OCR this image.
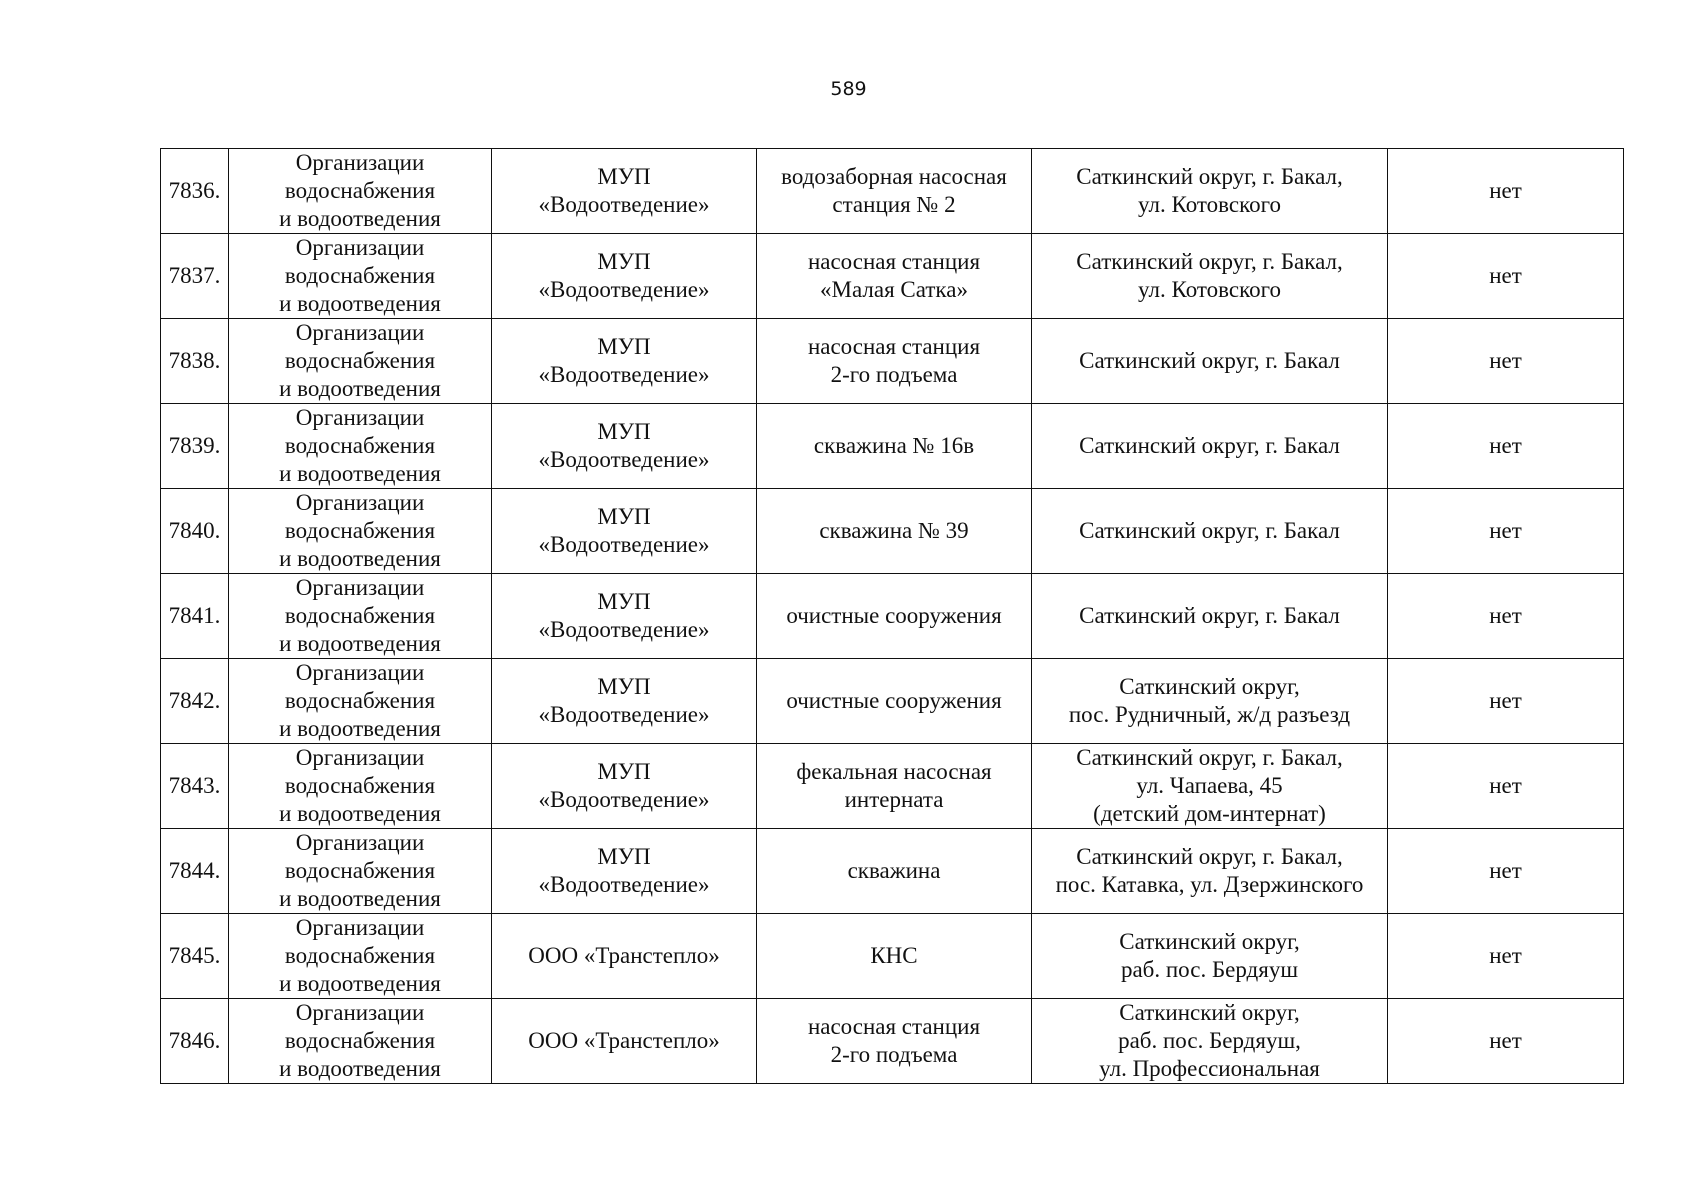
589
7836.	Организации
водоснабжения
и водоотведения	МУП
«Водоотведение»	водозаборная насосная
станция № 2	Саткинский округ, г. Бакал,
ул. Котовского	нет
7837.	Организации
водоснабжения
и водоотведения	МУП
«Водоотведение»	насосная станция
«Малая Сатка»	Саткинский округ, г. Бакал,
ул. Котовского	нет
7838.	Организации
водоснабжения
и водоотведения	МУП
«Водоотведение»	насосная станция
2-го подъема	Саткинский округ, г. Бакал	нет
7839.	Организации
водоснабжения
и водоотведения	МУП
«Водоотведение»	скважина № 16в	Саткинский округ, г. Бакал	нет
7840.	Организации
водоснабжения
и водоотведения	МУП
«Водоотведение»	скважина № 39	Саткинский округ, г. Бакал	нет
7841.	Организации
водоснабжения
и водоотведения	МУП
«Водоотведение»	очистные сооружения	Саткинский округ, г. Бакал	нет
7842.	Организации
водоснабжения
и водоотведения	МУП
«Водоотведение»	очистные сооружения	Саткинский округ,
пос. Рудничный, ж/д разъезд	нет
7843.	Организации
водоснабжения
и водоотведения	МУП
«Водоотведение»	фекальная насосная
интерната	Саткинский округ, г. Бакал,
ул. Чапаева, 45
(детский дом-интернат)	нет
7844.	Организации
водоснабжения
и водоотведения	МУП
«Водоотведение»	скважина	Саткинский округ, г. Бакал,
пос. Катавка, ул. Дзержинского	нет
7845.	Организации
водоснабжения
и водоотведения	ООО «Транстепло»	КНС	Саткинский округ,
раб. пос. Бердяуш	нет
7846.	Организации
водоснабжения
и водоотведения	ООО «Транстепло»	насосная станция
2-го подъема	Саткинский округ,
раб. пос. Бердяуш,
ул. Профессиональная	нет
